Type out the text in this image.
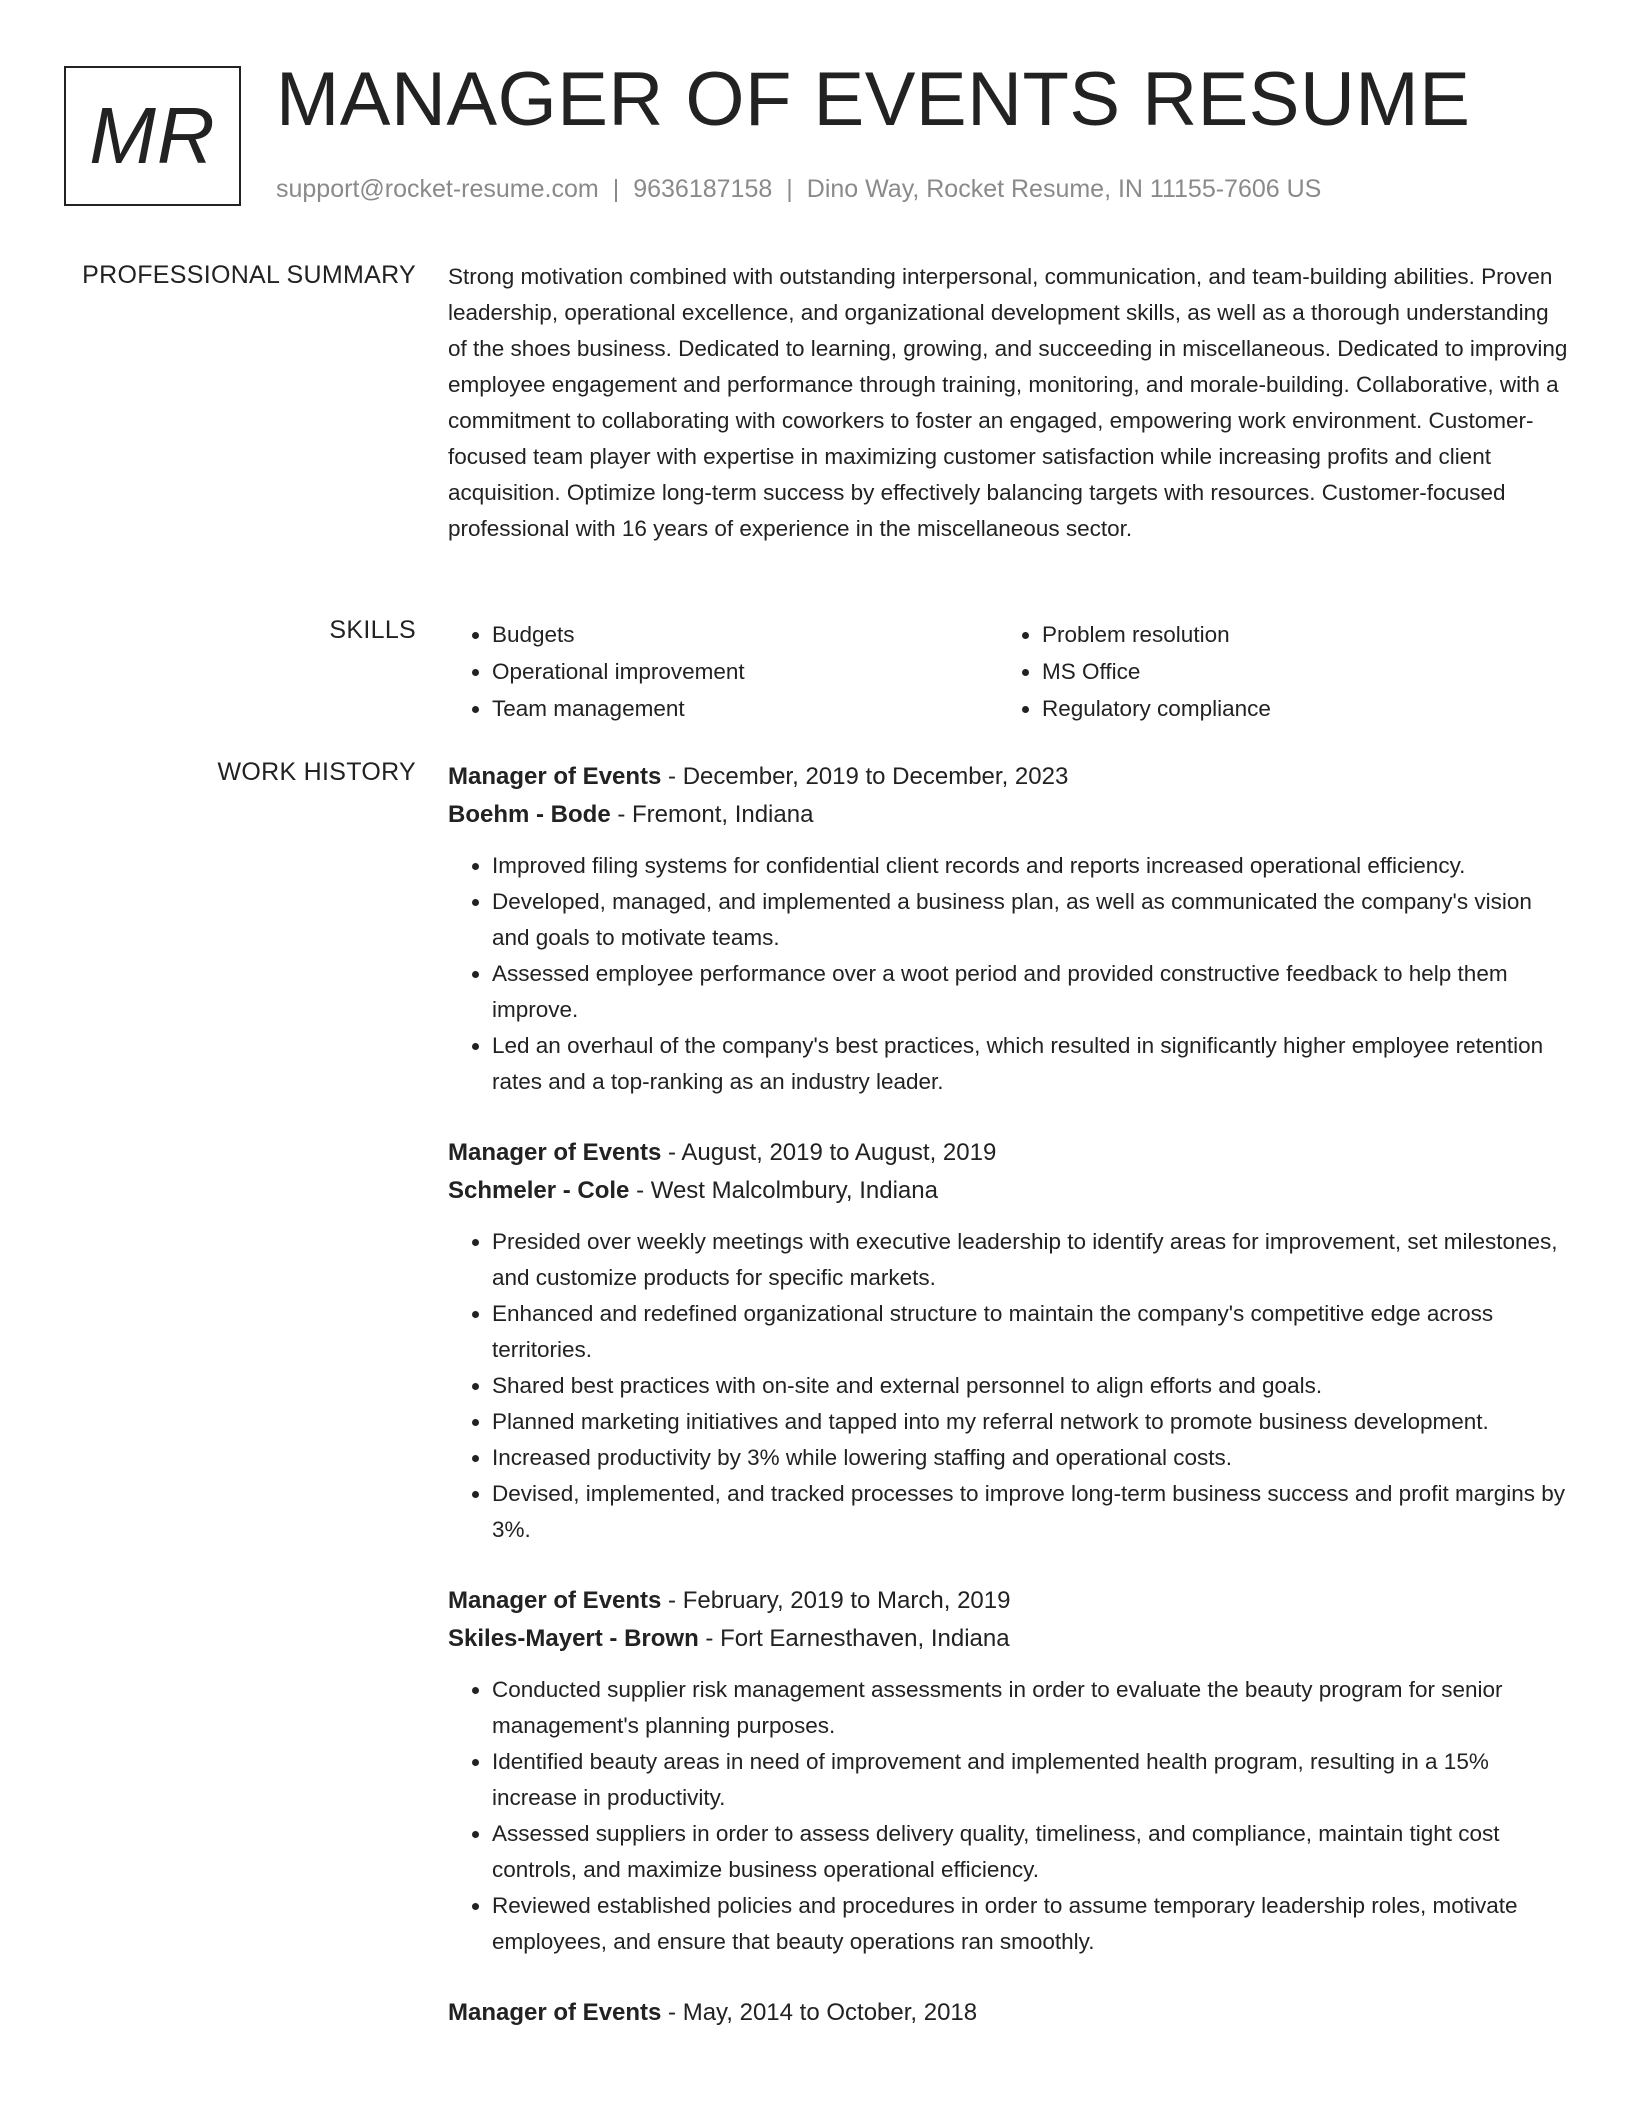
MR MANAGER OF EVENTS RESUME
support@rocket-resume.com | 9636187158 | Dino Way, Rocket Resume, IN 11155-7606 US
PROFESSIONAL SUMMARY Strong motivation combined with outstanding interpersonal, communication, and team-building abilities. Proven leadership, operational excellence, and organizational development skills, as well as a thorough understanding of the shoes business. Dedicated to learning, growing, and succeeding in miscellaneous. Dedicated to improving employee engagement and performance through training, monitoring, and morale-building. Collaborative, with a commitment to collaborating with coworkers to foster an engaged, empowering work environment. Customer-focused team player with expertise in maximizing customer satisfaction while increasing profits and client acquisition. Optimize long-term success by effectively balancing targets with resources. Customer-focused professional with 16 years of experience in the miscellaneous sector.

SKILLS
•	Budgets
• Operational improvement
• Team management
• Problem resolution
• MS Office
• Regulatory compliance
WORK HISTORY Manager of Events - December, 2019 to December, 2023
Boehm - Bode - Fremont, Indiana
• Improved filing systems for confidential client records and reports increased operational efficiency.
• Developed, managed, and implemented a business plan, as well as communicated the company's vision and goals to motivate teams.
• Assessed employee performance over a woot period and provided constructive feedback to help them improve.
• Led an overhaul of the company's best practices, which resulted in significantly higher employee retention rates and a top-ranking as an industry leader.
Manager of Events - August, 2019 to August, 2019
Schmeler - Cole - West Malcolmbury, Indiana
• Presided over weekly meetings with executive leadership to identify areas for improvement, set milestones, and customize products for specific markets.
• Enhanced and redefined organizational structure to maintain the company's competitive edge across territories.
• Shared best practices with on-site and external personnel to align efforts and goals.
• Planned marketing initiatives and tapped into my referral network to promote business development.
• Increased productivity by 3% while lowering staffing and operational costs.
• Devised, implemented, and tracked processes to improve long-term business success and profit margins by 3%.
Manager of Events - February, 2019 to March, 2019
Skiles-Mayert - Brown - Fort Earnesthaven, Indiana
• Conducted supplier risk management assessments in order to evaluate the beauty program for senior management's planning purposes.
• Identified beauty areas in need of improvement and implemented health program, resulting in a 15% increase in productivity.
• Assessed suppliers in order to assess delivery quality, timeliness, and compliance, maintain tight cost controls, and maximize business operational efficiency.
• Reviewed established policies and procedures in order to assume temporary leadership roles, motivate employees, and ensure that beauty operations ran smoothly.
Manager of Events - May, 2014 to October, 2018
